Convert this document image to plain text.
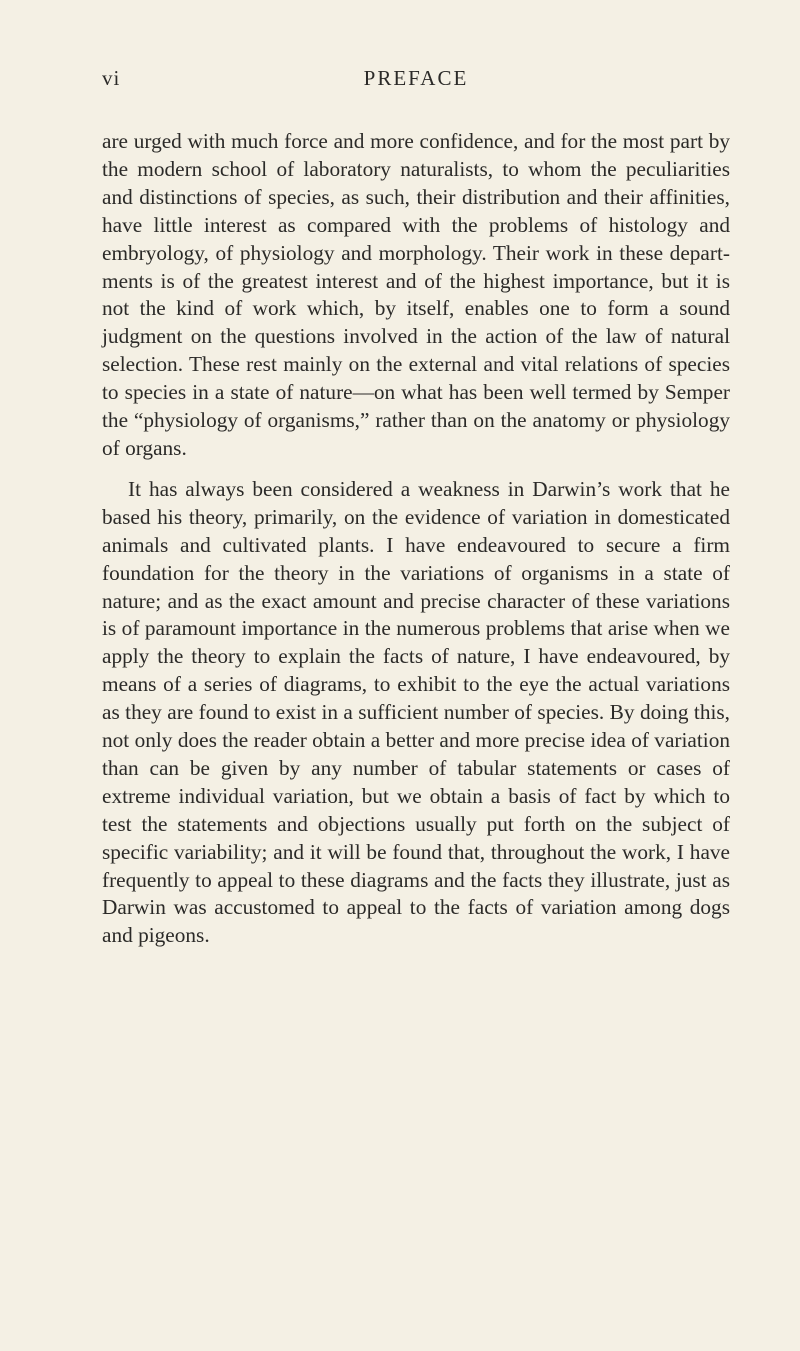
vi	PREFACE

are urged with much force and more confidence, and for the most part by the modern school of laboratory naturalists, to whom the peculiarities and distinctions of species, as such, their distribution and their affinities, have little interest as compared with the problems of histology and embryology, of physiology and morphology. Their work in these departments is of the greatest interest and of the highest importance, but it is not the kind of work which, by itself, enables one to form a sound judgment on the questions involved in the action of the law of natural selection. These rest mainly on the external and vital relations of species to species in a state of nature—on what has been well termed by Semper the “physiology of organisms,” rather than on the anatomy or physiology of organs.

It has always been considered a weakness in Darwin’s work that he based his theory, primarily, on the evidence of variation in domesticated animals and cultivated plants. I have endeavoured to secure a firm foundation for the theory in the variations of organisms in a state of nature; and as the exact amount and precise character of these variations is of paramount importance in the numerous problems that arise when we apply the theory to explain the facts of nature, I have endeavoured, by means of a series of diagrams, to exhibit to the eye the actual variations as they are found to exist in a sufficient number of species. By doing this, not only does the reader obtain a better and more precise idea of variation than can be given by any number of tabular statements or cases of extreme individual variation, but we obtain a basis of fact by which to test the statements and objections usually put forth on the subject of specific variability; and it will be found that, throughout the work, I have frequently to appeal to these diagrams and the facts they illustrate, just as Darwin was accustomed to appeal to the facts of variation among dogs and pigeons.
